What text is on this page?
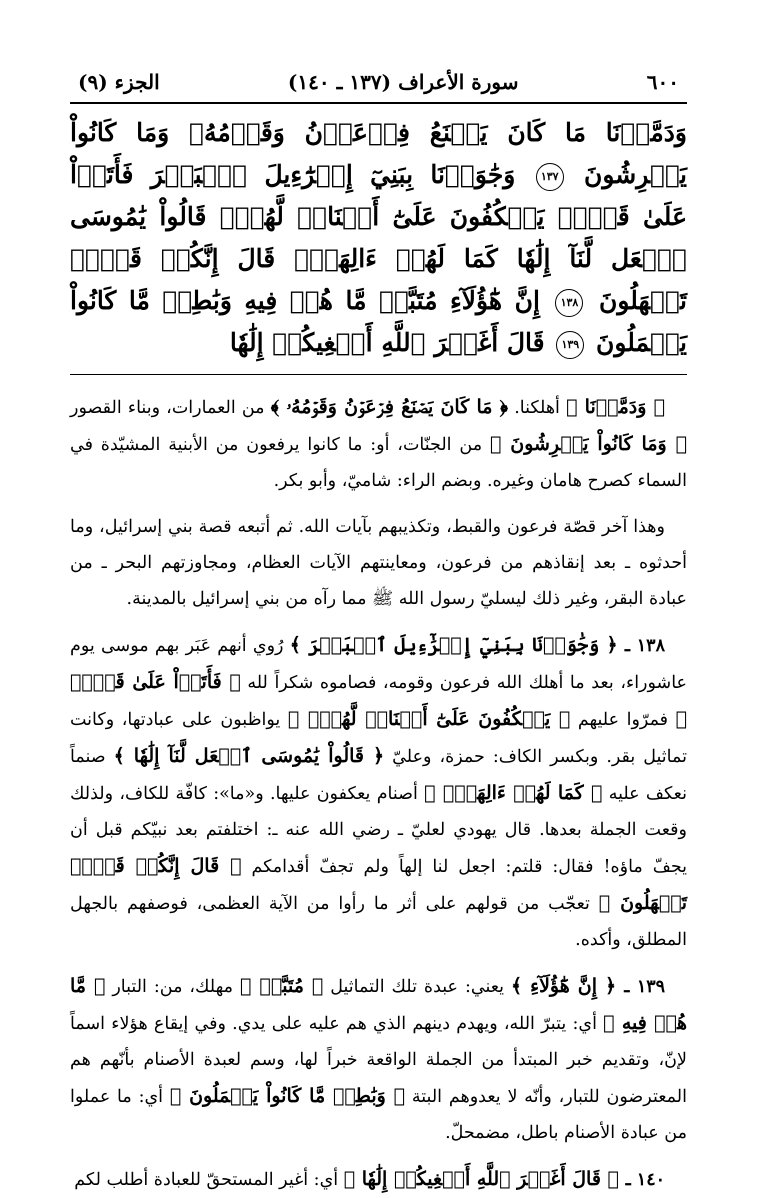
٦٠٠
سورة الأعراف (١٣٧ ـ ١٤٠)
الجزء (٩)
وَدَمَّرۡنَا مَا كَانَ يَصۡنَعُ فِرۡعَوۡنُ وَقَوۡمُهُۥ وَمَا كَانُواْ يَعۡرِشُونَ ١٣٧ وَجَٰوَزۡنَا بِبَنِيٓ إِسۡرَٰٓءِيلَ ٱلۡبَحۡرَ فَأَتَوۡاْ عَلَىٰ قَوۡمٖ يَعۡكُفُونَ عَلَىٰٓ أَصۡنَامٖ لَّهُمۡۚ قَالُواْ يَٰمُوسَى ٱجۡعَل لَّنَآ إِلَٰهٗا كَمَا لَهُمۡ ءَالِهَةٞۚ قَالَ إِنَّكُمۡ قَوۡمٞ تَجۡهَلُونَ ١٣٨ إِنَّ هَٰٓؤُلَآءِ مُتَبَّرٞ مَّا هُمۡ فِيهِ وَبَٰطِلٞ مَّا كَانُواْ يَعۡمَلُونَ ١٣٩ قَالَ أَغَيۡرَ ٱللَّهِ أَبۡغِيكُمۡ إِلَٰهٗا

﴿ وَدَمَّرۡنَا ﴾ أهلكنا. ﴿ مَا كَانَ يَصۡنَعُ فِرۡعَوۡنُ وَقَوۡمُهُۥ ﴾ من العمارات، وبناء القصور ﴿ وَمَا كَانُواْ يَعۡرِشُونَ ﴾ من الجنّات، أو: ما كانوا يرفعون من الأبنية المشيّدة في السماء كصرح هامان وغيره. وبضم الراء: شاميّ، وأبو بكر.

وهذا آخر قصّة فرعون والقبط، وتكذيبهم بآيات الله. ثم أتبعه قصة بني إسرائيل، وما أحدثوه ـ بعد إنقاذهم من فرعون، ومعاينتهم الآيات العظام، ومجاوزتهم البحر ـ من عبادة البقر، وغير ذلك ليسليّ رسول الله ﷺ مما رآه من بني إسرائيل بالمدينة.

١٣٨ ـ ﴿ وَجَٰوَزۡنَا بِبَنِيٓ إِسۡرَٰٓءِيلَ ٱلۡبَحۡرَ ﴾ رُوي أنهم عَبَر بهم موسى يوم عاشوراء، بعد ما أهلك الله فرعون وقومه، فصاموه شكراً لله ﴿ فَأَتَوۡاْ عَلَىٰ قَوۡمٖ ﴾ فمرّوا عليهم ﴿ يَعۡكُفُونَ عَلَىٰٓ أَصۡنَامٖ لَّهُمۡۚ ﴾ يواظبون على عبادتها، وكانت تماثيل بقر. وبكسر الكاف: حمزة، وعليّ ﴿ قَالُواْ يَٰمُوسَى ٱجۡعَل لَّنَآ إِلَٰهٗا ﴾ صنماً نعكف عليه ﴿ كَمَا لَهُمۡ ءَالِهَةٞۚ ﴾ أصنام يعكفون عليها. و«ما»: كافّة للكاف، ولذلك وقعت الجملة بعدها. قال يهودي لعليّ ـ رضي الله عنه ـ: اختلفتم بعد نبيّكم قبل أن يجفّ ماؤه! فقال: قلتم: اجعل لنا إلهاً ولم تجفّ أقدامكم ﴿ قَالَ إِنَّكُمۡ قَوۡمٞ تَجۡهَلُونَ ﴾ تعجّب من قولهم على أثر ما رأوا من الآية العظمى، فوصفهم بالجهل المطلق، وأكده.

١٣٩ ـ ﴿ إِنَّ هَٰٓؤُلَآءِ ﴾ يعني: عبدة تلك التماثيل ﴿ مُتَبَّرٞ ﴾ مهلك، من: التبار ﴿ مَّا هُمۡ فِيهِ ﴾ أي: يتبرّ الله، ويهدم دينهم الذي هم عليه على يدي. وفي إيقاع هؤلاء اسماً لإنّ، وتقديم خبر المبتدأ من الجملة الواقعة خبراً لها، وسم لعبدة الأصنام بأنّهم هم المعترضون للتبار، وأنّه لا يعدوهم البتة ﴿ وَبَٰطِلٞ مَّا كَانُواْ يَعۡمَلُونَ ﴾ أي: ما عملوا من عبادة الأصنام باطل، مضمحلّ.

١٤٠ ـ ﴿ قَالَ أَغَيۡرَ ٱللَّهِ أَبۡغِيكُمۡ إِلَٰهٗا ﴾ أي: أغير المستحقّ للعبادة أطلب لكم
